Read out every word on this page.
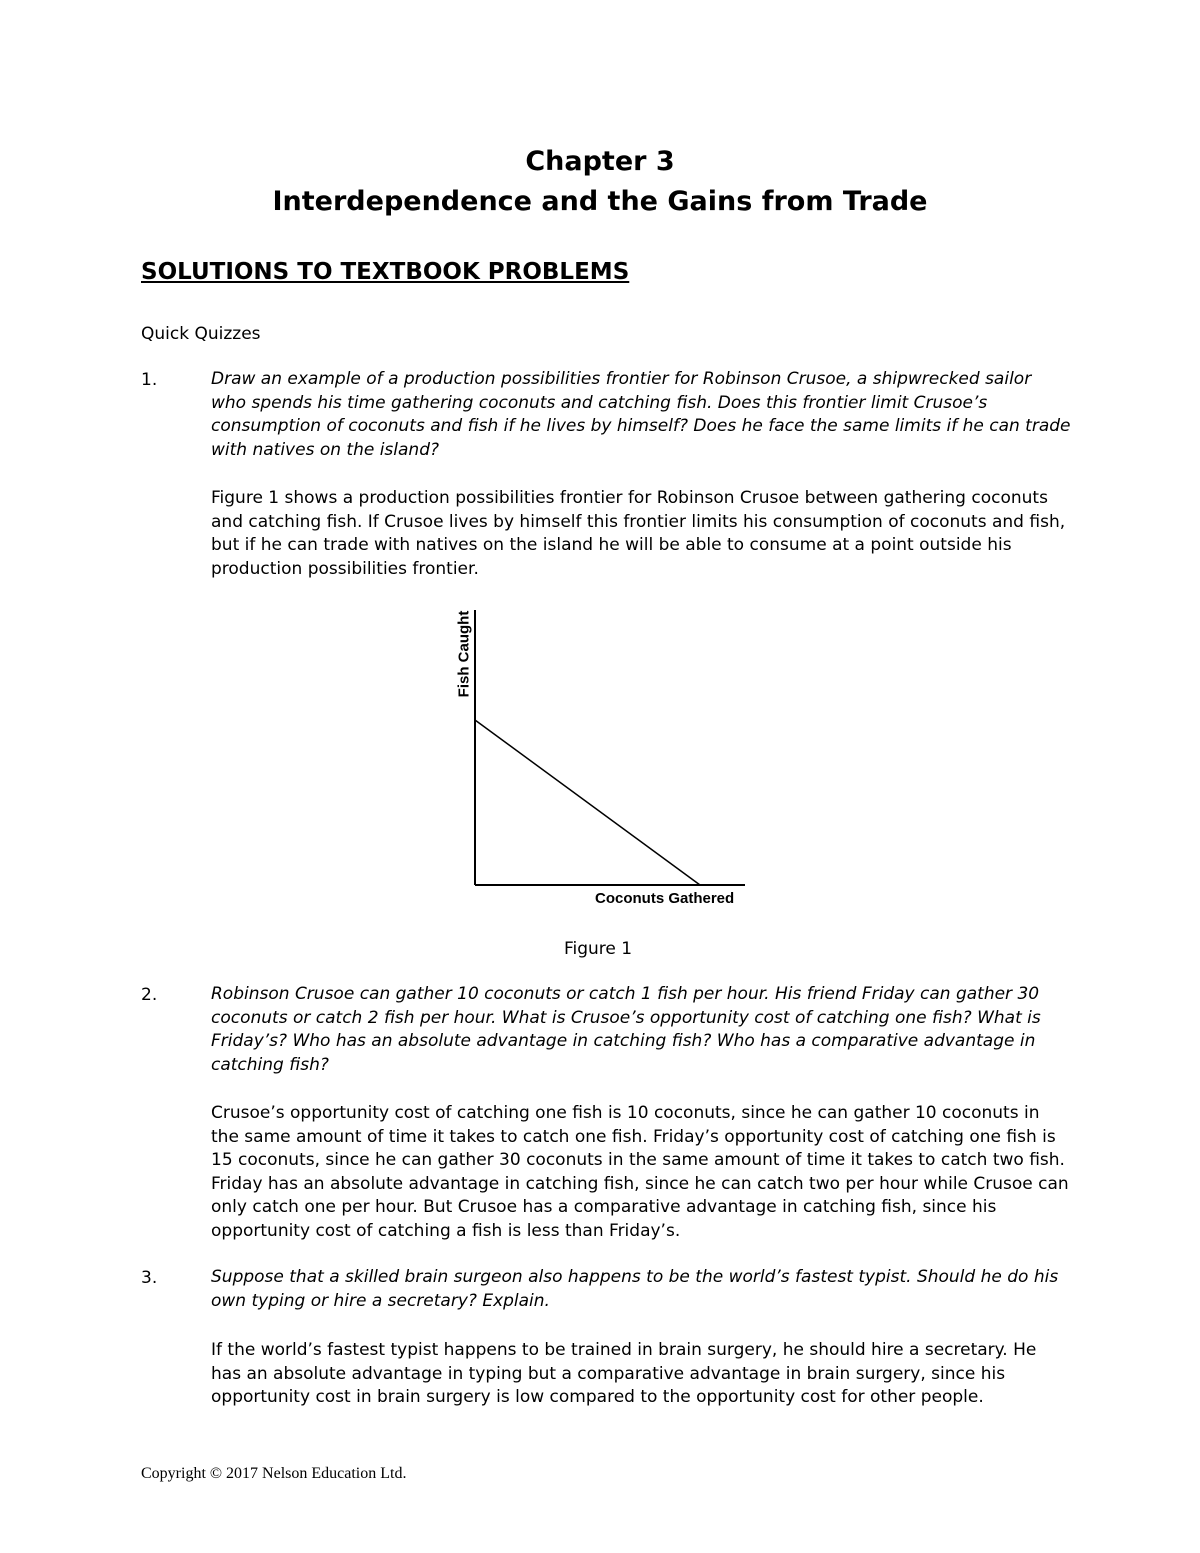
Chapter 3
Interdependence and the Gains from Trade
SOLUTIONS TO TEXTBOOK PROBLEMS
Quick Quizzes
1.	Draw an example of a production possibilities frontier for Robinson Crusoe, a shipwrecked sailor who spends his time gathering coconuts and catching fish. Does this frontier limit Crusoe’s consumption of coconuts and fish if he lives by himself? Does he face the same limits if he can trade with natives on the island?
Figure 1 shows a production possibilities frontier for Robinson Crusoe between gathering coconuts and catching fish. If Crusoe lives by himself this frontier limits his consumption of coconuts and fish, but if he can trade with natives on the island he will be able to consume at a point outside his production possibilities frontier.
Fish Caught
Coconuts Gathered
Figure 1
2.	Robinson Crusoe can gather 10 coconuts or catch 1 fish per hour. His friend Friday can gather 30 coconuts or catch 2 fish per hour. What is Crusoe’s opportunity cost of catching one fish? What is Friday’s? Who has an absolute advantage in catching fish? Who has a comparative advantage in catching fish?
Crusoe’s opportunity cost of catching one fish is 10 coconuts, since he can gather 10 coconuts in the same amount of time it takes to catch one fish. Friday’s opportunity cost of catching one fish is 15 coconuts, since he can gather 30 coconuts in the same amount of time it takes to catch two fish. Friday has an absolute advantage in catching fish, since he can catch two per hour while Crusoe can only catch one per hour. But Crusoe has a comparative advantage in catching fish, since his opportunity cost of catching a fish is less than Friday’s.
3.	Suppose that a skilled brain surgeon also happens to be the world’s fastest typist. Should he do his own typing or hire a secretary? Explain.
If the world’s fastest typist happens to be trained in brain surgery, he should hire a secretary. He has an absolute advantage in typing but a comparative advantage in brain surgery, since his opportunity cost in brain surgery is low compared to the opportunity cost for other people.
Copyright © 2017 Nelson Education Ltd.
